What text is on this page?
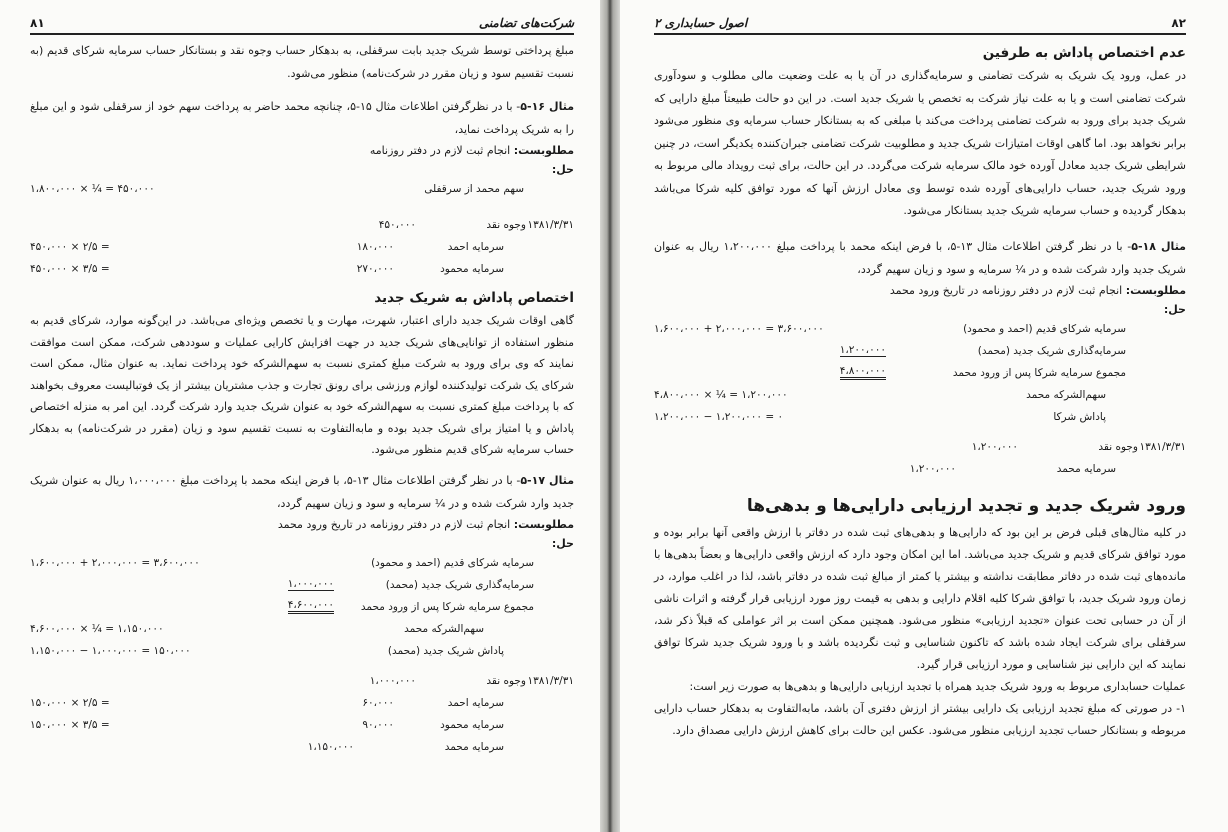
شرکت‌های تضامنی
۸۱

مبلغ پرداختی توسط شریک جدید بابت سرقفلی، به بدهکار حساب وجوه نقد و بستانکار حساب سرمایه شرکای قدیم (به نسبت تقسیم سود و زیان مقرر در شرکت‌نامه) منظور می‌شود.

مثال ۱۶-۵- با در نظرگرفتن اطلاعات مثال ۱۵-۵، چنانچه محمد حاضر به پرداخت سهم خود از سرقفلی شود و این مبلغ را به شریک پرداخت نماید،
مطلوبست: انجام ثبت لازم در دفتر روزنامه
حل:
سهم محمد از سرقفلی
۱،۸۰۰،۰۰۰ × ¼ = ۴۵۰،۰۰۰
۱۳۸۱/۳/۳۱
وجوه نقد
۴۵۰،۰۰۰
سرمایه احمد
۱۸۰،۰۰۰
۴۵۰،۰۰۰ × ۲/۵ =
سرمایه محمود
۲۷۰،۰۰۰
۴۵۰،۰۰۰ × ۳/۵ =
اختصاص پاداش به شریک جدید

گاهی اوقات شریک جدید دارای اعتبار، شهرت، مهارت و یا تخصص ویژه‌ای می‌باشد. در این‌گونه موارد، شرکای قدیم به منظور استفاده از توانایی‌های شریک جدید در جهت افزایش کارایی عملیات و سوددهی شرکت، ممکن است موافقت نمایند که وی برای ورود به شرکت مبلغ کمتری نسبت به سهم‌الشرکه خود پرداخت نماید. به عنوان مثال، ممکن است شرکای یک شرکت تولیدکننده لوازم ورزشی برای رونق تجارت و جذب مشتریان بیشتر از یک فوتبالیست معروف بخواهند که با پرداخت مبلغ کمتری نسبت به سهم‌الشرکه خود به عنوان شریک جدید وارد شرکت گردد. این امر به منزله اختصاص پاداش و یا امتیاز برای شریک جدید بوده و مابه‌التفاوت به نسبت تقسیم سود و زیان (مقرر در شرکت‌نامه) به بدهکار حساب سرمایه شرکای قدیم منظور می‌شود.

مثال ۱۷-۵- با در نظر گرفتن اطلاعات مثال ۱۳-۵، با فرض اینکه محمد با پرداخت مبلغ ۱،۰۰۰،۰۰۰ ریال به عنوان شریک جدید وارد شرکت شده و در ¼ سرمایه و سود و زیان سهیم گردد،
مطلوبست: انجام ثبت لازم در دفتر روزنامه در تاریخ ورود محمد
حل:
سرمایه شرکای قدیم (احمد و محمود)
۱،۶۰۰،۰۰۰ + ۲،۰۰۰،۰۰۰ = ۳،۶۰۰،۰۰۰
سرمایه‌گذاری شریک جدید (محمد)
۱،۰۰۰،۰۰۰
مجموع سرمایه شرکا پس از ورود محمد
۴،۶۰۰،۰۰۰
سهم‌الشرکه محمد
۴،۶۰۰،۰۰۰ × ¼ = ۱،۱۵۰،۰۰۰
پاداش شریک جدید (محمد)
۱،۱۵۰،۰۰۰ − ۱،۰۰۰،۰۰۰ = ۱۵۰،۰۰۰
۱۳۸۱/۳/۳۱
وجوه نقد
۱،۰۰۰،۰۰۰
سرمایه احمد
۶۰،۰۰۰
۱۵۰،۰۰۰ × ۲/۵ =
سرمایه محمود
۹۰،۰۰۰
۱۵۰،۰۰۰ × ۳/۵ =
سرمایه محمد
۱،۱۵۰،۰۰۰
۸۲
اصول حسابداری ۲
عدم اختصاص پاداش به طرفین

در عمل، ورود یک شریک به شرکت تضامنی و سرمایه‌گذاری در آن یا به علت وضعیت مالی مطلوب و سودآوری شرکت تضامنی است و یا به علت نیاز شرکت به تخصص یا شریک جدید است. در این دو حالت طبیعتاً مبلغ دارایی که شریک جدید برای ورود به شرکت تضامنی پرداخت می‌کند با مبلغی که به بستانکار حساب سرمایه وی منظور می‌شود برابر نخواهد بود. اما گاهی اوقات امتیازات شریک جدید و مطلوبیت شرکت تضامنی جبران‌کننده یکدیگر است، در چنین شرایطی شریک جدید معادل آورده خود مالک سرمایه شرکت می‌گردد. در این حالت، برای ثبت رویداد مالی مربوط به ورود شریک جدید، حساب دارایی‌های آورده شده توسط وی معادل ارزش آنها که مورد توافق کلیه شرکا می‌باشد بدهکار گردیده و حساب سرمایه شریک جدید بستانکار می‌شود.

مثال ۱۸-۵- با در نظر گرفتن اطلاعات مثال ۱۳-۵، با فرض اینکه محمد با پرداخت مبلغ ۱،۲۰۰،۰۰۰ ریال به عنوان شریک جدید وارد شرکت شده و در ¼ سرمایه و سود و زیان سهیم گردد،
مطلوبست: انجام ثبت لازم در دفتر روزنامه در تاریخ ورود محمد
حل:
سرمایه شرکای قدیم (احمد و محمود)
۱،۶۰۰،۰۰۰ + ۲،۰۰۰،۰۰۰ = ۳،۶۰۰،۰۰۰
سرمایه‌گذاری شریک جدید (محمد)
۱،۲۰۰،۰۰۰
مجموع سرمایه شرکا پس از ورود محمد
۴،۸۰۰،۰۰۰
سهم‌الشرکه محمد
۴،۸۰۰،۰۰۰ × ¼ = ۱،۲۰۰،۰۰۰
پاداش شرکا
۱،۲۰۰،۰۰۰ − ۱،۲۰۰،۰۰۰ = ۰
۱۳۸۱/۳/۳۱
وجوه نقد
۱،۲۰۰،۰۰۰
سرمایه محمد
۱،۲۰۰،۰۰۰
ورود شریک جدید و تجدید ارزیابی دارایی‌ها و بدهی‌ها

در کلیه مثال‌های قبلی فرض بر این بود که دارایی‌ها و بدهی‌های ثبت شده در دفاتر با ارزش واقعی آنها برابر بوده و مورد توافق شرکای قدیم و شریک جدید می‌باشد. اما این امکان وجود دارد که ارزش واقعی دارایی‌ها و بعضاً بدهی‌ها با مانده‌های ثبت شده در دفاتر مطابقت نداشته و بیشتر یا کمتر از مبالغ ثبت شده در دفاتر باشد، لذا در اغلب موارد، در زمان ورود شریک جدید، با توافق شرکا کلیه اقلام دارایی و بدهی به قیمت روز مورد ارزیابی قرار گرفته و اثرات ناشی از آن در حسابی تحت عنوان «تجدید ارزیابی» منظور می‌شود. همچنین ممکن است بر اثر عواملی که قبلاً ذکر شد، سرقفلی برای شرکت ایجاد شده باشد که تاکنون شناسایی و ثبت نگردیده باشد و با ورود شریک جدید شرکا توافق نمایند که این دارایی نیز شناسایی و مورد ارزیابی قرار گیرد.

عملیات حسابداری مربوط به ورود شریک جدید همراه با تجدید ارزیابی دارایی‌ها و بدهی‌ها به صورت زیر است:

۱- در صورتی که مبلغ تجدید ارزیابی یک دارایی بیشتر از ارزش دفتری آن باشد، مابه‌التفاوت به بدهکار حساب دارایی مربوطه و بستانکار حساب تجدید ارزیابی منظور می‌شود. عکس این حالت برای کاهش ارزش دارایی مصداق دارد.
